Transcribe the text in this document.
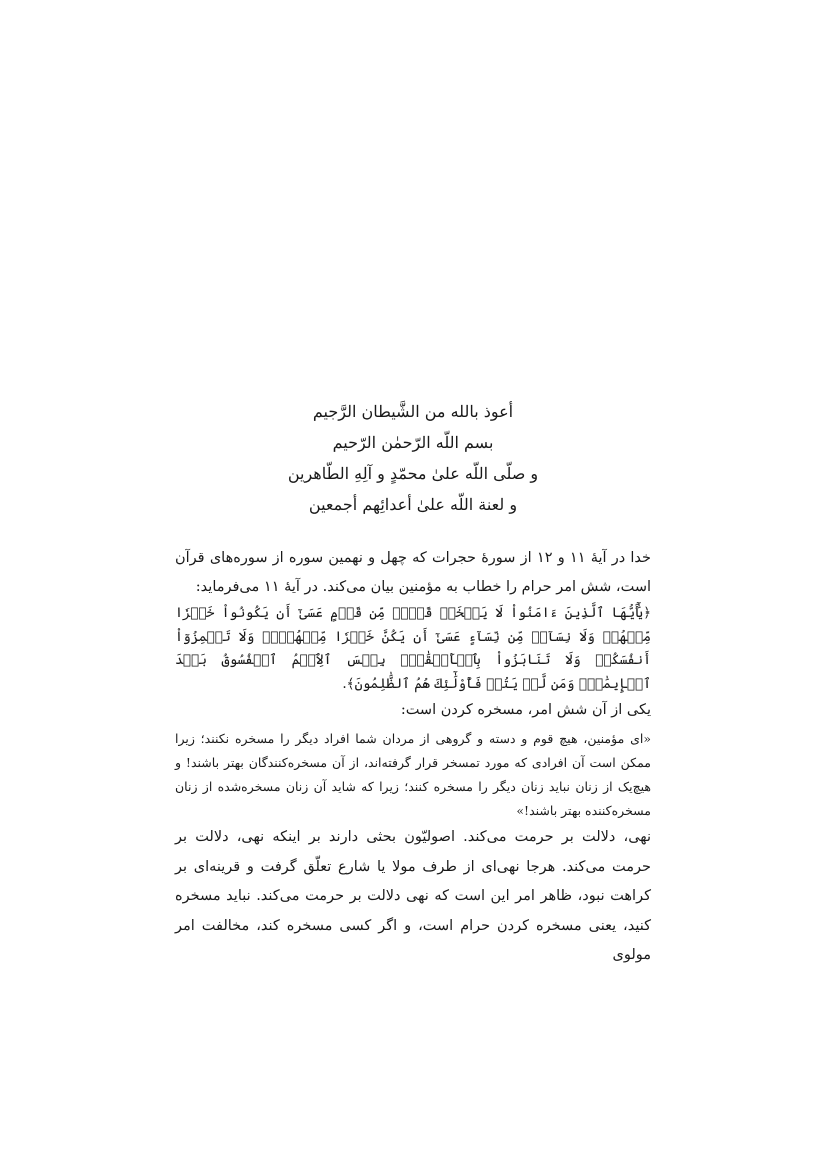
أعوذ بالله من الشَّيطان الرَّجيم
بسم اللّه الرّحمٰن الرّحيم
و صلّى اللّه علىٰ محمّدٍ و آلِهِ الطّاهرين
و لعنة اللّه علىٰ أعدائِهم أجمعين

خدا در آیۀ ۱۱ و ۱۲ از سورۀ حجرات که چهل و نهمین سوره از سوره‌های قرآن است، شش امر حرام را خطاب به مؤمنین بیان می‌کند. در آیۀ ۱۱ می‌فرماید:

﴿يَٰٓأَيُّهَا ٱلَّذِينَ ءَامَنُواْ لَا يَسۡخَرۡ قَوۡمٞ مِّن قَوۡمٍ عَسَىٰٓ أَن يَكُونُواْ خَيۡرٗا مِّنۡهُمۡ وَلَا نِسَآءٞ مِّن نِّسَآءٍ عَسَىٰٓ أَن يَكُنَّ خَيۡرٗا مِّنۡهُنَّۖ وَلَا تَلۡمِزُوٓاْ أَنفُسَكُمۡ وَلَا تَنَابَزُواْ بِٱلۡأَلۡقَٰبِۖ بِئۡسَ ٱلِٱسۡمُ ٱلۡفُسُوقُ بَعۡدَ ٱلۡإِيمَٰنِۚ وَمَن لَّمۡ يَتُبۡ فَأُوْلَٰٓئِكَ هُمُ ٱلظَّٰلِمُونَ﴾.

یکی از آن شش امر، مسخره کردن است:

«ای مؤمنین، هیچ قوم و دسته و گروهی از مردان شما افراد دیگر را مسخره نکنند؛ زیرا ممکن است آن افرادی که مورد تمسخر قرار گرفته‌اند، از آن مسخره‌کنندگان بهتر باشند! و هیچ‌یک از زنان نباید زنان دیگر را مسخره کنند؛ زیرا که شاید آن زنان مسخره‌شده از زنان مسخره‌کننده بهتر باشند!»

نهی، دلالت بر حرمت می‌کند. اصولیّون بحثی دارند بر اینکه نهی، دلالت بر حرمت می‌کند. هرجا نهی‌ای از طرف مولا یا شارع تعلّق گرفت و قرینه‌ای بر کراهت نبود، ظاهر امر این است که نهی دلالت بر حرمت می‌کند. نباید مسخره کنید، یعنی مسخره کردن حرام است، و اگر کسی مسخره کند، مخالفت امر مولوی
